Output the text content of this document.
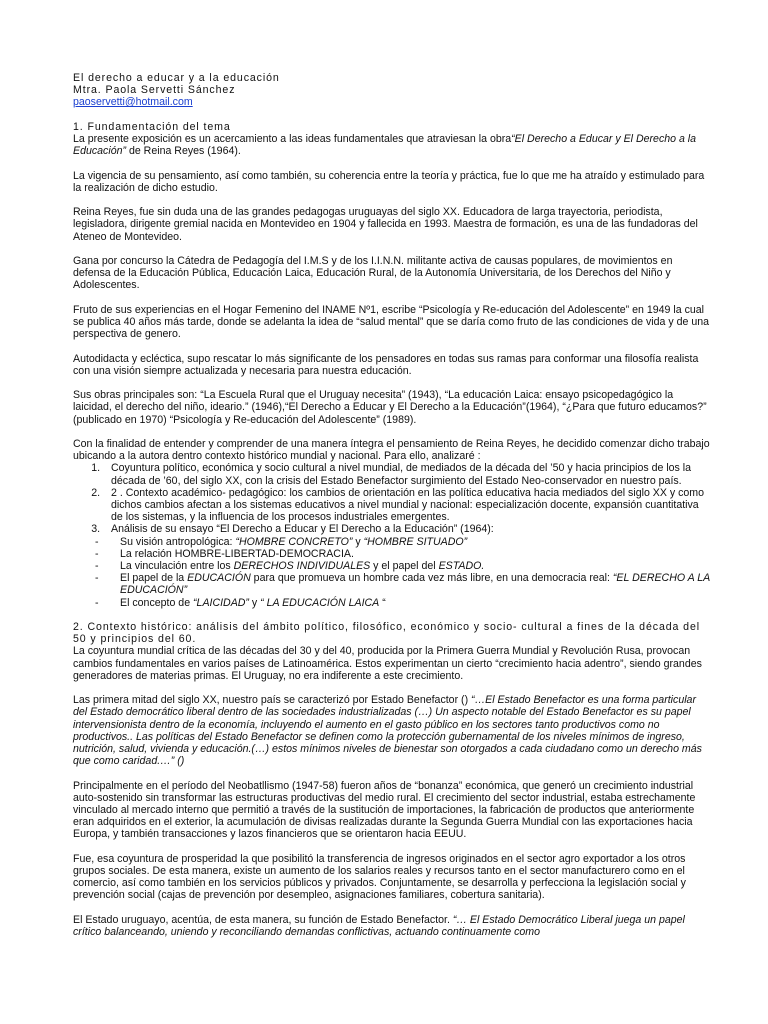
El derecho a educar y a la educación
Mtra. Paola Servetti Sánchez
paoservetti@hotmail.com
1. Fundamentación del tema

La presente exposición es un acercamiento a las ideas fundamentales que atraviesan la obra“El Derecho a Educar y El Derecho a la Educación” de Reina Reyes (1964).

La vigencia de su pensamiento, así como también, su coherencia entre la teoría y práctica, fue lo que me ha atraído y estimulado para la realización de dicho estudio.

Reina Reyes, fue sin duda una de las grandes pedagogas uruguayas del siglo XX. Educadora de larga trayectoria, periodista, legisladora, dirigente gremial nacida en Montevideo en 1904 y fallecida en 1993. Maestra de formación, es una de las fundadoras del Ateneo de Montevideo.

Gana por concurso la Cátedra de Pedagogía del I.M.S y de los I.I.N.N. militante activa de causas populares, de movimientos en defensa de la Educación Pública, Educación Laica, Educación Rural, de la Autonomía Universitaria, de los Derechos del Niño y Adolescentes.

Fruto de sus experiencias en el Hogar Femenino del INAME Nº1, escribe “Psicología y Re-educación del Adolescente” en 1949 la cual se publica 40 años más tarde, donde se adelanta la idea de “salud mental” que se daría como fruto de las condiciones de vida y de una perspectiva de genero.

Autodidacta y ecléctica, supo rescatar lo más significante de los pensadores en todas sus ramas para conformar una filosofía realista con una visión siempre actualizada y necesaria para nuestra educación.

Sus obras principales son: “La Escuela Rural que el Uruguay necesita” (1943), “La educación Laica: ensayo psicopedagógico la laicidad, el derecho del niño, ideario.” (1946),“El Derecho a Educar y El Derecho a la Educación”(1964), “¿Para que futuro educamos?” (publicado en 1970) “Psicología y Re-educación del Adolescente” (1989).

Con la finalidad de entender y comprender de una manera íntegra el pensamiento de Reina Reyes, he decidido comenzar dicho trabajo ubicando a la autora dentro contexto histórico mundial y nacional. Para ello, analizaré :

1. Coyuntura político, económica y socio cultural a nivel mundial, de mediados de la década del ’50 y hacia principios de los la década de ’60, del siglo XX, con la crisis del Estado Benefactor surgimiento del Estado Neo-conservador en nuestro país.
2. 2 . Contexto académico- pedagógico: los cambios de orientación en las política educativa hacia mediados del siglo XX y como dichos cambios afectan a los sistemas educativos a nivel mundial y nacional: especialización docente, expansión cuantitativa de los sistemas, y la influencia de los procesos industriales emergentes.
3. Análisis de su ensayo “El Derecho a Educar y El Derecho a la Educación” (1964):
- Su visión antropológica: “HOMBRE CONCRETO” y “HOMBRE SITUADO”
- La relación HOMBRE-LIBERTAD-DEMOCRACIA.
- La vinculación entre los DERECHOS INDIVIDUALES y el papel del ESTADO.
- El papel de la EDUCACIÓN para que promueva un hombre cada vez más libre, en una democracia real: “EL DERECHO A LA EDUCACIÓN”
- El concepto de “LAICIDAD” y “ LA EDUCACIÓN LAICA “
2. Contexto histórico: análisis del ámbito político, filosófico, económico y socio- cultural a fines de la década del 50 y principios del 60.

La coyuntura mundial crítica de las décadas del 30 y del 40, producida por la Primera Guerra Mundial y Revolución Rusa, provocan cambios fundamentales en varios países de Latinoamérica. Estos experimentan un cierto “crecimiento hacia adentro”, siendo grandes generadores de materias primas. El Uruguay, no era indiferente a este crecimiento.

Las primera mitad del siglo XX, nuestro país se caracterizó por Estado Benefactor () “…El Estado Benefactor es una forma particular del Estado democrático liberal dentro de las sociedades industrializadas (…) Un aspecto notable del Estado Benefactor es su papel intervensionista dentro de la economía, incluyendo el aumento en el gasto público en los sectores tanto productivos como no productivos.. Las políticas del Estado Benefactor se definen como la protección gubernamental de los niveles mínimos de ingreso, nutrición, salud, vivienda y educación.(…) estos mínimos niveles de bienestar son otorgados a cada ciudadano como un derecho más que como caridad.…” ()

Principalmente en el período del Neobatllismo (1947-58) fueron años de “bonanza” económica, que generó un crecimiento industrial auto-sostenido sin transformar las estructuras productivas del medio rural. El crecimiento del sector industrial, estaba estrechamente vinculado al mercado interno que permitió a través de la sustitución de importaciones, la fabricación de productos que anteriormente eran adquiridos en el exterior, la acumulación de divisas realizadas durante la Segunda Guerra Mundial con las exportaciones hacia Europa, y también transacciones y lazos financieros que se orientaron hacia EEUU.

Fue, esa coyuntura de prosperidad la que posibilitó la transferencia de ingresos originados en el sector agro exportador a los otros grupos sociales. De esta manera, existe un aumento de los salarios reales y recursos tanto en el sector manufacturero como en el comercio, así como también en los servicios públicos y privados. Conjuntamente, se desarrolla y perfecciona la legislación social y prevención social (cajas de prevención por desempleo, asignaciones familiares, cobertura sanitaria).

El Estado uruguayo, acentúa, de esta manera, su función de Estado Benefactor. “… El Estado Democrático Liberal juega un papel crítico balanceando, uniendo y reconciliando demandas conflictivas, actuando continuamente como
